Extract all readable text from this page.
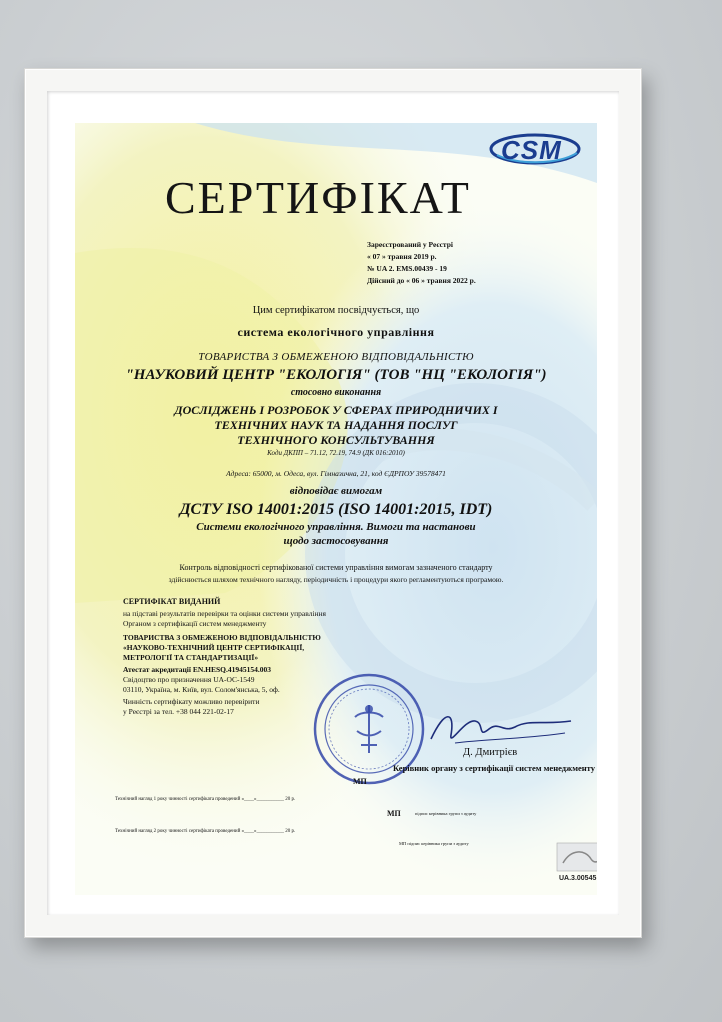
CSM
СЕРТИФІКАТ
Зареєстрований у Реєстрі
« 07 » травня 2019 р.
№ UA 2. EMS.00439 - 19
Дійсний до « 06 » травня 2022 р.
Цим сертифікатом посвідчується, що
система екологічного управління
ТОВАРИСТВА З ОБМЕЖЕНОЮ ВІДПОВІДАЛЬНІСТЮ
"НАУКОВИЙ ЦЕНТР "ЕКОЛОГІЯ" (ТОВ "НЦ "ЕКОЛОГІЯ")
стосовно виконання
ДОСЛІДЖЕНЬ І РОЗРОБОК У СФЕРАХ ПРИРОДНИЧИХ І
ТЕХНІЧНИХ НАУК ТА НАДАННЯ ПОСЛУГ
ТЕХНІЧНОГО КОНСУЛЬТУВАННЯ
Коди ДКПП – 71.12, 72.19, 74.9 (ДК 016:2010)
Адреса: 65000, м. Одеса, вул. Гімназична, 21, код ЄДРПОУ 39578471
відповідає вимогам
ДСТУ ISO 14001:2015 (ISO 14001:2015, IDT)
Системи екологічного управління. Вимоги та настанови
щодо застосовування
Контроль відповідності сертифікованої системи управління вимогам зазначеного стандарту
здійснюється шляхом технічного нагляду, періодичність і процедури якого регламентуються програмою.
СЕРТИФІКАТ ВИДАНИЙ
на підставі результатів перевірки та оцінки системи управління
Органом з сертифікації систем менеджменту
ТОВАРИСТВА З ОБМЕЖЕНОЮ ВІДПОВІДАЛЬНІСТЮ
«НАУКОВО-ТЕХНІЧНИЙ ЦЕНТР СЕРТИФІКАЦІЇ,
МЕТРОЛОГІЇ ТА СТАНДАРТИЗАЦІЇ»
Атестат акредитації EN.HESQ.41945154.003
Свідоцтво про призначення UA-OC-1549
03110, Україна, м. Київ, вул. Солом'янська, 5, оф.
Чинність сертифікату можливо перевірити
у Реєстрі за тел. +38 044 221-02-17
Д. Дмитрієв
Керівник органу з сертифікації систем менеджменту
МП
Технічний нагляд 1 року чинності сертифіката проведений «____»___________ 20 р.
МП	підпис керівника групи з аудиту
Технічний нагляд 2 року чинності сертифіката проведений «____»___________ 20 р.
МП підпис керівника групи з аудиту
UA.3.00545
